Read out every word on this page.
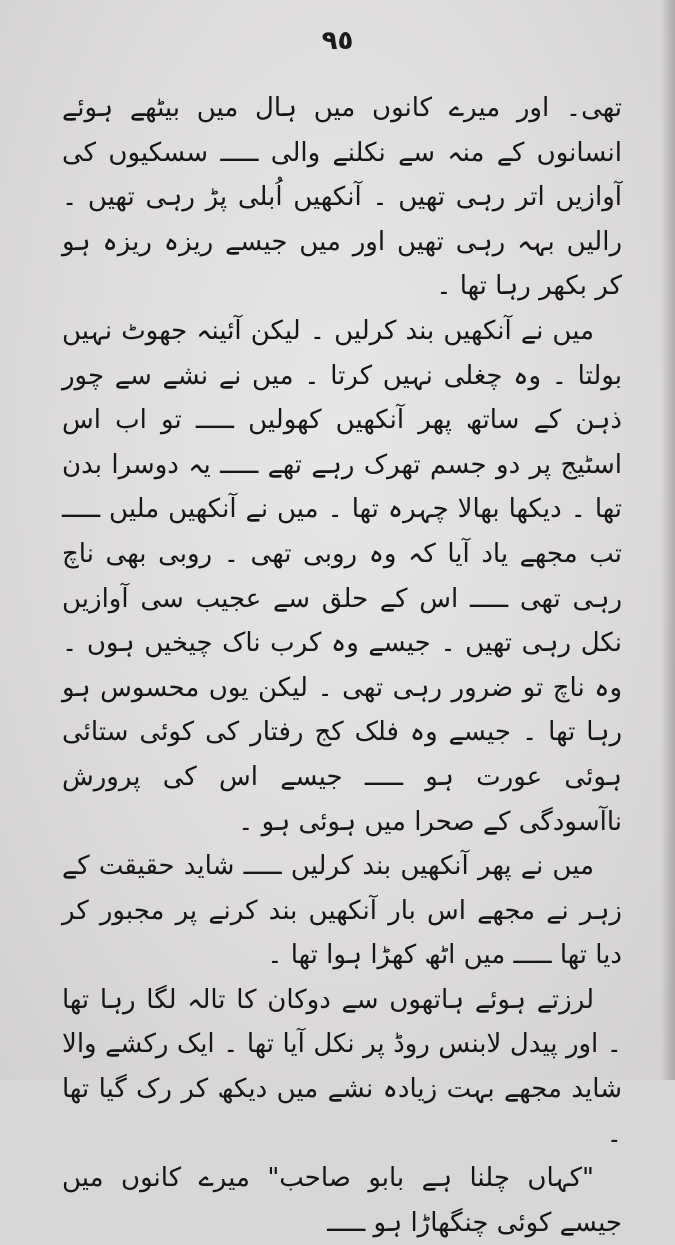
٩٥

تھی۔ اور میرے کانوں میں ہال میں بیٹھے ہوئے انسانوں کے منہ سے نکلنے والی ـــــ سسکیوں کی آوازیں اتر رہی تھیں ۔ آنکھیں اُبلی پڑ رہی تھیں ۔ رالیں بہہ رہی تھیں اور میں جیسے ریزہ ریزہ ہو کر بکھر رہا تھا ۔

میں نے آنکھیں بند کرلیں ۔ لیکن آئینہ جھوٹ نہیں بولتا ۔ وہ چغلی نہیں کرتا ۔ میں نے نشے سے چور ذہن کے ساتھ پھر آنکھیں کھولیں ـــــ تو اب اس اسٹیج پر دو جسم تھرک رہے تھے ـــــ یہ دوسرا بدن تھا ۔ دیکھا بھالا چہرہ تھا ۔ میں نے آنکھیں ملیں ـــــ تب مجھے یاد آیا کہ وہ روبی تھی ۔ روبی بھی ناچ رہی تھی ـــــ اس کے حلق سے عجیب سی آوازیں نکل رہی تھیں ۔ جیسے وہ کرب ناک چیخیں ہوں ۔ وہ ناچ تو ضرور رہی تھی ۔ لیکن یوں محسوس ہو رہا تھا ۔ جیسے وہ فلک کج رفتار کی کوئی ستائی ہوئی عورت ہو ـــــ جیسے اس کی پرورش ناآسودگی کے صحرا میں ہوئی ہو ۔

میں نے پھر آنکھیں بند کرلیں ـــــ شاید حقیقت کے زہر نے مجھے اس بار آنکھیں بند کرنے پر مجبور کر دیا تھا ـــــ میں اٹھ کھڑا ہوا تھا ۔

لرزتے ہوئے ہاتھوں سے دوکان کا تالہ لگا رہا تھا ۔ اور پیدل لابنس روڈ پر نکل آیا تھا ۔ ایک رکشے والا شاید مجھے بہت زیادہ نشے میں دیکھ کر رک گیا تھا ۔

"کہاں چلنا ہے بابو صاحب" میرے کانوں میں جیسے کوئی چنگھاڑا ہو ـــــ
